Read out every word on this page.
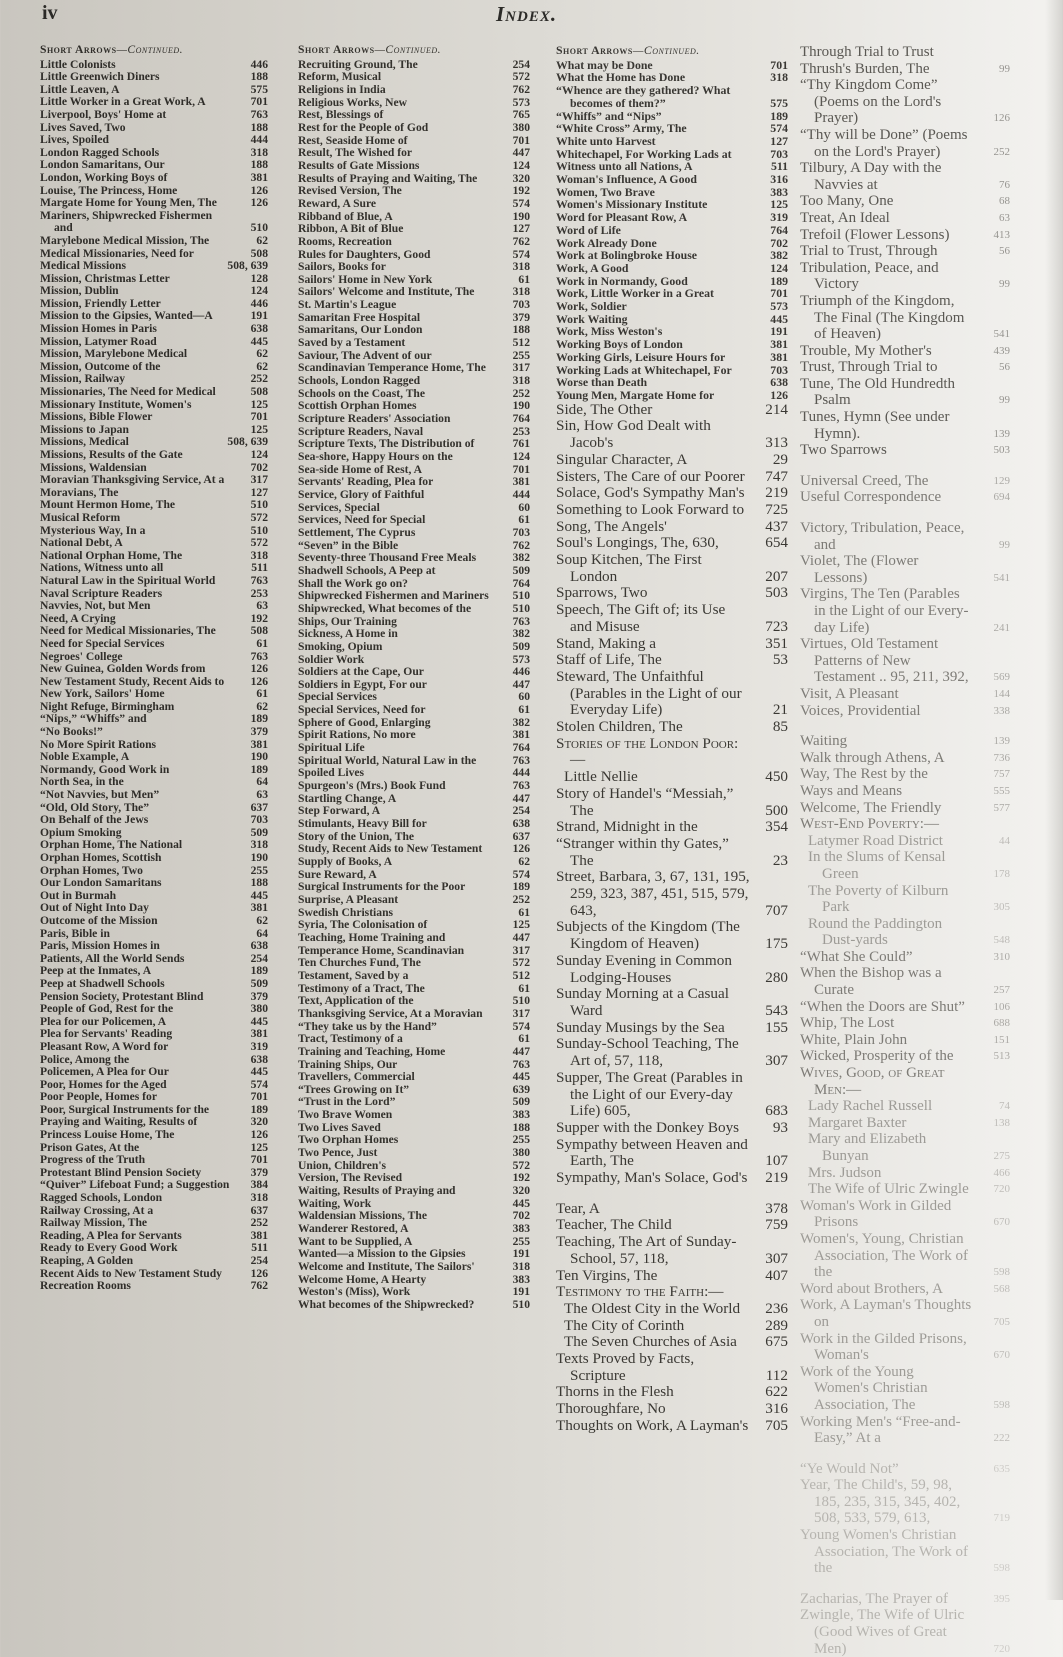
iv	Index.
Short Arrows—Continued.
Little Colonists	446
Little Greenwich Diners	188
Little Leaven, A	575
Little Worker in a Great Work, A	701
Liverpool, Boys' Home at	763
Lives Saved, Two	188
Lives, Spoiled	444
London Ragged Schools	318
London Samaritans, Our	188
London, Working Boys of	381
Louise, The Princess, Home	126
Margate Home for Young Men, The	126
Mariners, Shipwrecked Fishermen and	510
Marylebone Medical Mission, The	62
Medical Missionaries, Need for	508
Medical Missions	508, 639
Mission, Christmas Letter	128
Mission, Dublin	124
Mission, Friendly Letter	446
Mission to the Gipsies, Wanted—A	191
Mission Homes in Paris	638
Mission, Latymer Road	445
Mission, Marylebone Medical	62
Mission, Outcome of the	62
Mission, Railway	252
Missionaries, The Need for Medical	508
Missionary Institute, Women's	125
Missions, Bible Flower	701
Missions to Japan	125
Missions, Medical	508, 639
Missions, Results of the Gate	124
Missions, Waldensian	702
Moravian Thanksgiving Service, At a	317
Moravians, The	127
Mount Hermon Home, The	510
Musical Reform	572
Mysterious Way, In a	510
National Debt, A	572
National Orphan Home, The	318
Nations, Witness unto all	511
Natural Law in the Spiritual World	763
Naval Scripture Readers	253
Navvies, Not, but Men	63
Need, A Crying	192
Need for Medical Missionaries, The	508
Need for Special Services	61
Negroes' College	763
New Guinea, Golden Words from	126
New Testament Study, Recent Aids to	126
New York, Sailors' Home	61
Night Refuge, Birmingham	62
“Nips,” “Whiffs” and	189
“No Books!”	379
No More Spirit Rations	381
Noble Example, A	190
Normandy, Good Work in	189
North Sea, in the	64
“Not Navvies, but Men”	63
“Old, Old Story, The”	637
On Behalf of the Jews	703
Opium Smoking	509
Orphan Home, The National	318
Orphan Homes, Scottish	190
Orphan Homes, Two	255
Our London Samaritans	188
Out in Burmah	445
Out of Night Into Day	381
Outcome of the Mission	62
Paris, Bible in	64
Paris, Mission Homes in	638
Patients, All the World Sends	254
Peep at the Inmates, A	189
Peep at Shadwell Schools	509
Pension Society, Protestant Blind	379
People of God, Rest for the	380
Plea for our Policemen, A	445
Plea for Servants' Reading	381
Pleasant Row, A Word for	319
Police, Among the	638
Policemen, A Plea for Our	445
Poor, Homes for the Aged	574
Poor People, Homes for	701
Poor, Surgical Instruments for the	189
Praying and Waiting, Results of	320
Princess Louise Home, The	126
Prison Gates, At the	125
Progress of the Truth	701
Protestant Blind Pension Society	379
“Quiver” Lifeboat Fund; a Suggestion	384
Ragged Schools, London	318
Railway Crossing, At a	637
Railway Mission, The	252
Reading, A Plea for Servants	381
Ready to Every Good Work	511
Reaping, A Golden	254
Recent Aids to New Testament Study	126
Recreation Rooms	762
Short Arrows—Continued.
Recruiting Ground, The	254
Reform, Musical	572
Religions in India	762
Religious Works, New	573
Rest, Blessings of	765
Rest for the People of God	380
Rest, Seaside Home of	701
Result, The Wished for	447
Results of Gate Missions	124
Results of Praying and Waiting, The	320
Revised Version, The	192
Reward, A Sure	574
Ribband of Blue, A	190
Ribbon, A Bit of Blue	127
Rooms, Recreation	762
Rules for Daughters, Good	574
Sailors, Books for	318
Sailors' Home in New York	61
Sailors' Welcome and Institute, The	318
St. Martin's League	703
Samaritan Free Hospital	379
Samaritans, Our London	188
Saved by a Testament	512
Saviour, The Advent of our	255
Scandinavian Temperance Home, The	317
Schools, London Ragged	318
Schools on the Coast, The	252
Scottish Orphan Homes	190
Scripture Readers' Association	764
Scripture Readers, Naval	253
Scripture Texts, The Distribution of	761
Sea-shore, Happy Hours on the	124
Sea-side Home of Rest, A	701
Servants' Reading, Plea for	381
Service, Glory of Faithful	444
Services, Special	60
Services, Need for Special	61
Settlement, The Cyprus	703
“Seven” in the Bible	762
Seventy-three Thousand Free Meals	382
Shadwell Schools, A Peep at	509
Shall the Work go on?	764
Shipwrecked Fishermen and Mariners	510
Shipwrecked, What becomes of the	510
Ships, Our Training	763
Sickness, A Home in	382
Smoking, Opium	509
Soldier Work	573
Soldiers at the Cape, Our	446
Soldiers in Egypt, For our	447
Special Services	60
Special Services, Need for	61
Sphere of Good, Enlarging	382
Spirit Rations, No more	381
Spiritual Life	764
Spiritual World, Natural Law in the	763
Spoiled Lives	444
Spurgeon's (Mrs.) Book Fund	763
Startling Change, A	447
Step Forward, A	254
Stimulants, Heavy Bill for	638
Story of the Union, The	637
Study, Recent Aids to New Testament	126
Supply of Books, A	62
Sure Reward, A	574
Surgical Instruments for the Poor	189
Surprise, A Pleasant	252
Swedish Christians	61
Syria, The Colonisation of	125
Teaching, Home Training and	447
Temperance Home, Scandinavian	317
Ten Churches Fund, The	572
Testament, Saved by a	512
Testimony of a Tract, The	61
Text, Application of the	510
Thanksgiving Service, At a Moravian	317
“They take us by the Hand”	574
Tract, Testimony of a	61
Training and Teaching, Home	447
Training Ships, Our	763
Travellers, Commercial	445
“Trees Growing on It”	639
“Trust in the Lord”	509
Two Brave Women	383
Two Lives Saved	188
Two Orphan Homes	255
Two Pence, Just	380
Union, Children's	572
Version, The Revised	192
Waiting, Results of Praying and	320
Waiting, Work	445
Waldensian Missions, The	702
Wanderer Restored, A	383
Want to be Supplied, A	255
Wanted—a Mission to the Gipsies	191
Welcome and Institute, The Sailors'	318
Welcome Home, A Hearty	383
Weston's (Miss), Work	191
What becomes of the Shipwrecked?	510
Short Arrows—Continued.
What may be Done	701
What the Home has Done	318
“Whence are they gathered? What becomes of them?”	575
“Whiffs” and “Nips”	189
“White Cross” Army, The	574
White unto Harvest	127
Whitechapel, For Working Lads at	703
Witness unto all Nations, A	511
Woman's Influence, A Good	316
Women, Two Brave	383
Women's Missionary Institute	125
Word for Pleasant Row, A	319
Word of Life	764
Work Already Done	702
Work at Bolingbroke House	382
Work, A Good	124
Work in Normandy, Good	189
Work, Little Worker in a Great	701
Work, Soldier	573
Work Waiting	445
Work, Miss Weston's	191
Working Boys of London	381
Working Girls, Leisure Hours for	381
Working Lads at Whitechapel, For	703
Worse than Death	638
Young Men, Margate Home for	126
Side, The Other	214
Sin, How God Dealt with Jacob's	313
Singular Character, A	29
Sisters, The Care of our Poorer	747
Solace, God's Sympathy Man's	219
Something to Look Forward to	725
Song, The Angels'	437
Soul's Longings, The, 630,	654
Soup Kitchen, The First London	207
Sparrows, Two	503
Speech, The Gift of; its Use and Misuse	723
Stand, Making a	351
Staff of Life, The	53
Steward, The Unfaithful (Parables in the Light of our Everyday Life)	21
Stolen Children, The	85
Stories of the London Poor:—
Little Nellie	450
Story of Handel's “Messiah,” The	500
Strand, Midnight in the	354
“Stranger within thy Gates,” The	23
Street, Barbara, 3, 67, 131, 195, 259, 323, 387, 451, 515, 579, 643,	707
Subjects of the Kingdom (The Kingdom of Heaven)	175
Sunday Evening in Common Lodging-Houses	280
Sunday Morning at a Casual Ward	543
Sunday Musings by the Sea	155
Sunday-School Teaching, The Art of, 57, 118,	307
Supper, The Great (Parables in the Light of our Every-day Life) 605,	683
Supper with the Donkey Boys	93
Sympathy between Heaven and Earth, The	107
Sympathy, Man's Solace, God's	219
Tear, A	378
Teacher, The Child	759
Teaching, The Art of Sunday-School, 57, 118,	307
Ten Virgins, The	407
Testimony to the Faith:—
The Oldest City in the World	236
The City of Corinth	289
The Seven Churches of Asia	675
Texts Proved by Facts, Scripture	112
Thorns in the Flesh	622
Thoroughfare, No	316
Thoughts on Work, A Layman's	705
Through Trial to Trust
Thrush's Burden, The	99
“Thy Kingdom Come” (Poems on the Lord's Prayer)	126
“Thy will be Done” (Poems on the Lord's Prayer)	252
Tilbury, A Day with the Navvies at	76
Too Many, One	68
Treat, An Ideal	63
Trefoil (Flower Lessons)	413
Trial to Trust, Through	56
Tribulation, Peace, and Victory	99
Triumph of the Kingdom, The Final (The Kingdom of Heaven)	541
Trouble, My Mother's	439
Trust, Through Trial to	56
Tune, The Old Hundredth Psalm	99
Tunes, Hymn (See under Hymn).	139
Two Sparrows	503
Universal Creed, The	129
Useful Correspondence	694
Victory, Tribulation, Peace, and	99
Violet, The (Flower Lessons)	541
Virgins, The Ten (Parables in the Light of our Every-day Life)	241
Virtues, Old Testament Patterns of New Testament .. 95, 211, 392,	569
Visit, A Pleasant	144
Voices, Providential	338
Waiting	139
Walk through Athens, A	736
Way, The Rest by the	757
Ways and Means	555
Welcome, The Friendly	577
West-End Poverty:—
Latymer Road District	44
In the Slums of Kensal Green	178
The Poverty of Kilburn Park	305
Round the Paddington Dust-yards	548
“What She Could”	310
When the Bishop was a Curate	257
“When the Doors are Shut”	106
Whip, The Lost	688
White, Plain John	151
Wicked, Prosperity of the	513
Wives, Good, of Great Men:—
Lady Rachel Russell	74
Margaret Baxter	138
Mary and Elizabeth Bunyan	275
Mrs. Judson	466
The Wife of Ulric Zwingle	720
Woman's Work in Gilded Prisons	670
Women's, Young, Christian Association, The Work of the	598
Word about Brothers, A	568
Work, A Layman's Thoughts on	705
Work in the Gilded Prisons, Woman's	670
Work of the Young Women's Christian Association, The	598
Working Men's “Free-and-Easy,” At a	222
“Ye Would Not”	635
Year, The Child's, 59, 98, 185, 235, 315, 345, 402, 508, 533, 579, 613,	719
Young Women's Christian Association, The Work of the	598
Zacharias, The Prayer of	395
Zwingle, The Wife of Ulric (Good Wives of Great Men)	720
